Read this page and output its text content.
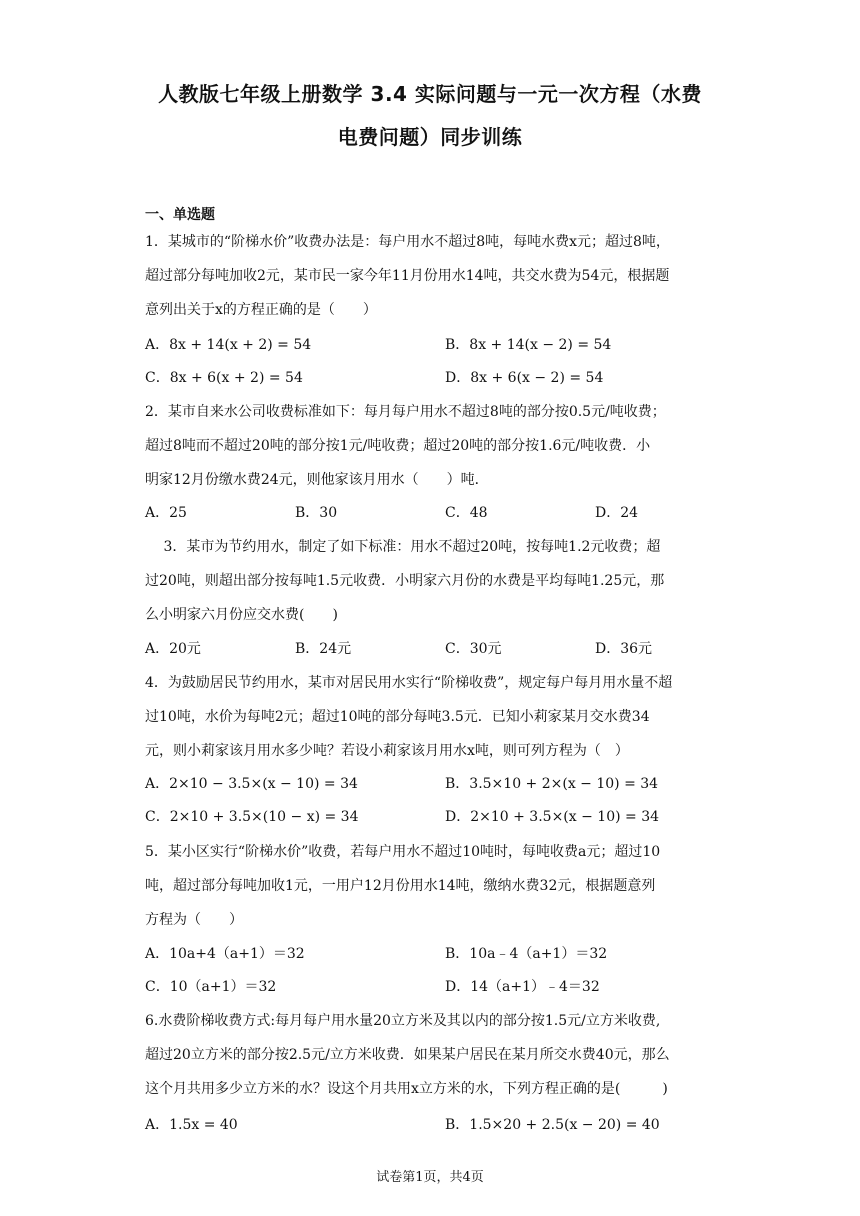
人教版七年级上册数学 3.4 实际问题与一元一次方程（水费
电费问题）同步训练
一、单选题
1．某城市的“阶梯水价”收费办法是：每户用水不超过8吨，每吨水费x元；超过8吨，
超过部分每吨加收2元，某市民一家今年11月份用水14吨，共交水费为54元，根据题
意列出关于x的方程正确的是（　　）
A．8x + 14(x + 2) = 54	B．8x + 14(x − 2) = 54
C．8x + 6(x + 2) = 54	D．8x + 6(x − 2) = 54
2．某市自来水公司收费标准如下：每月每户用水不超过8吨的部分按0.5元/吨收费；
超过8吨而不超过20吨的部分按1元/吨收费；超过20吨的部分按1.6元/吨收费．小
明家12月份缴水费24元，则他家该月用水（　　）吨．
A．25	B．30	C．48	D．24
　 3．某市为节约用水，制定了如下标准：用水不超过20吨，按每吨1.2元收费；超
过20吨，则超出部分按每吨1.5元收费．小明家六月份的水费是平均每吨1.25元，那
么小明家六月份应交水费(　　)
A．20元	B．24元	C．30元	D．36元
4．为鼓励居民节约用水，某市对居民用水实行“阶梯收费”，规定每户每月用水量不超
过10吨，水价为每吨2元；超过10吨的部分每吨3.5元．已知小莉家某月交水费34
元，则小莉家该月用水多少吨？若设小莉家该月用水x吨，则可列方程为（　）
A．2×10 − 3.5×(x − 10) = 34	B．3.5×10 + 2×(x − 10) = 34
C．2×10 + 3.5×(10 − x) = 34	D．2×10 + 3.5×(x − 10) = 34
5．某小区实行“阶梯水价”收费，若每户用水不超过10吨时，每吨收费a元；超过10
吨，超过部分每吨加收1元，一用户12月份用水14吨，缴纳水费32元，根据题意列
方程为（　　）
A．10a+4（a+1）＝32	B．10a﹣4（a+1）＝32
C．10（a+1）＝32	D．14（a+1）﹣4＝32
6.水费阶梯收费方式:每月每户用水量20立方米及其以内的部分按1.5元/立方米收费,
超过20立方米的部分按2.5元/立方米收费．如果某户居民在某月所交水费40元，那么
这个月共用多少立方米的水？设这个月共用x立方米的水，下列方程正确的是(　　　)
A．1.5x = 40	B．1.5×20 + 2.5(x − 20) = 40
试卷第1页，共4页
